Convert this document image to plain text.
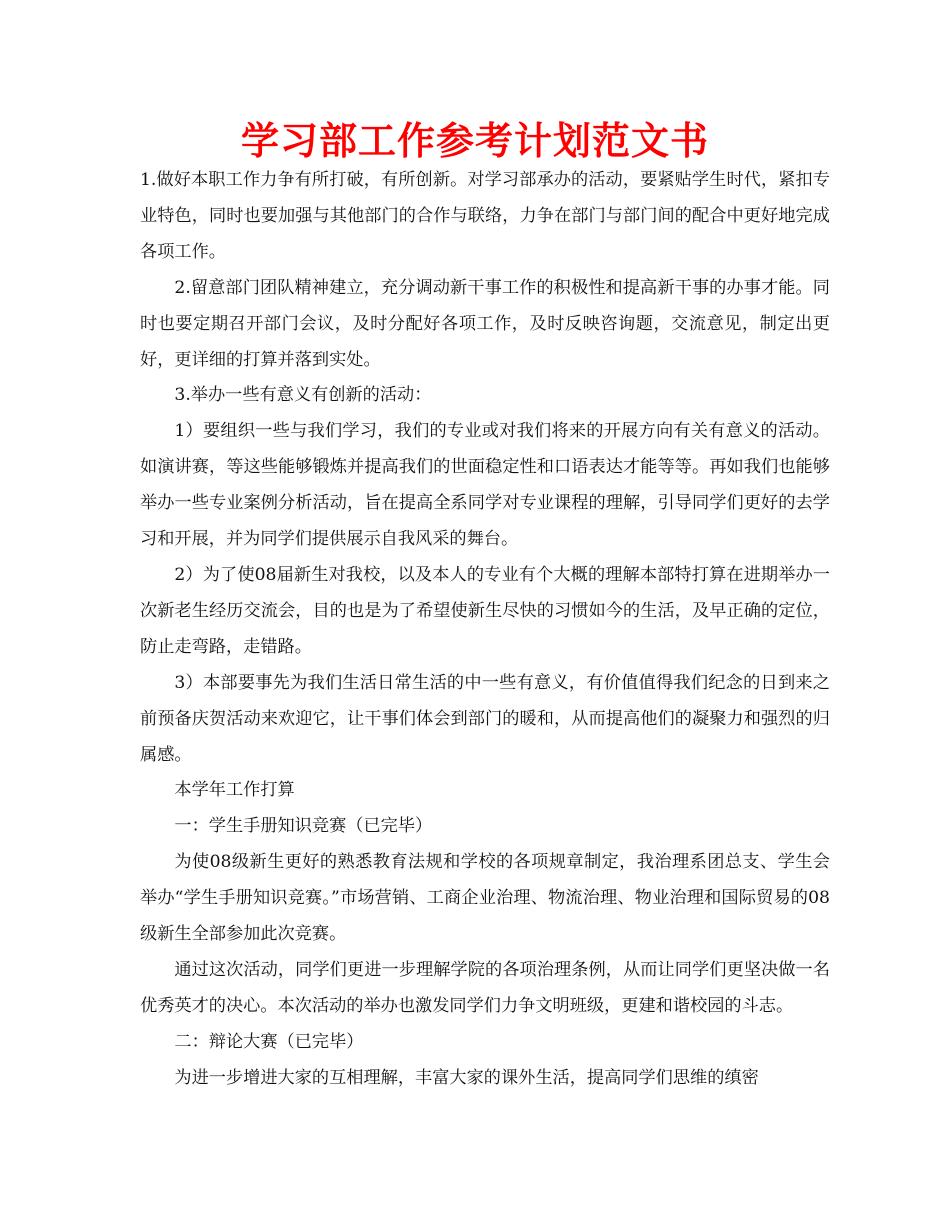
学习部工作参考计划范文书

1.做好本职工作力争有所打破，有所创新。对学习部承办的活动，要紧贴学生时代，紧扣专业特色，同时也要加强与其他部门的合作与联络，力争在部门与部门间的配合中更好地完成各项工作。

2.留意部门团队精神建立，充分调动新干事工作的积极性和提高新干事的办事才能。同时也要定期召开部门会议，及时分配好各项工作，及时反映咨询题，交流意见，制定出更好，更详细的打算并落到实处。

3.举办一些有意义有创新的活动：

1）要组织一些与我们学习，我们的专业或对我们将来的开展方向有关有意义的活动。如演讲赛，等这些能够锻炼并提高我们的世面稳定性和口语表达才能等等。再如我们也能够举办一些专业案例分析活动，旨在提高全系同学对专业课程的理解，引导同学们更好的去学习和开展，并为同学们提供展示自我风采的舞台。

2）为了使08届新生对我校，以及本人的专业有个大概的理解本部特打算在进期举办一次新老生经历交流会，目的也是为了希望使新生尽快的习惯如今的生活，及早正确的定位，防止走弯路，走错路。

3）本部要事先为我们生活日常生活的中一些有意义，有价值值得我们纪念的日到来之前预备庆贺活动来欢迎它，让干事们体会到部门的暖和，从而提高他们的凝聚力和强烈的归属感。

本学年工作打算

一：学生手册知识竞赛（已完毕）

为使08级新生更好的熟悉教育法规和学校的各项规章制定，我治理系团总支、学生会举办“学生手册知识竞赛。”市场营销、工商企业治理、物流治理、物业治理和国际贸易的08级新生全部参加此次竞赛。

通过这次活动，同学们更进一步理解学院的各项治理条例，从而让同学们更坚决做一名优秀英才的决心。本次活动的举办也激发同学们力争文明班级，更建和谐校园的斗志。

二：辩论大赛（已完毕）

为进一步增进大家的互相理解，丰富大家的课外生活，提高同学们思维的缜密
